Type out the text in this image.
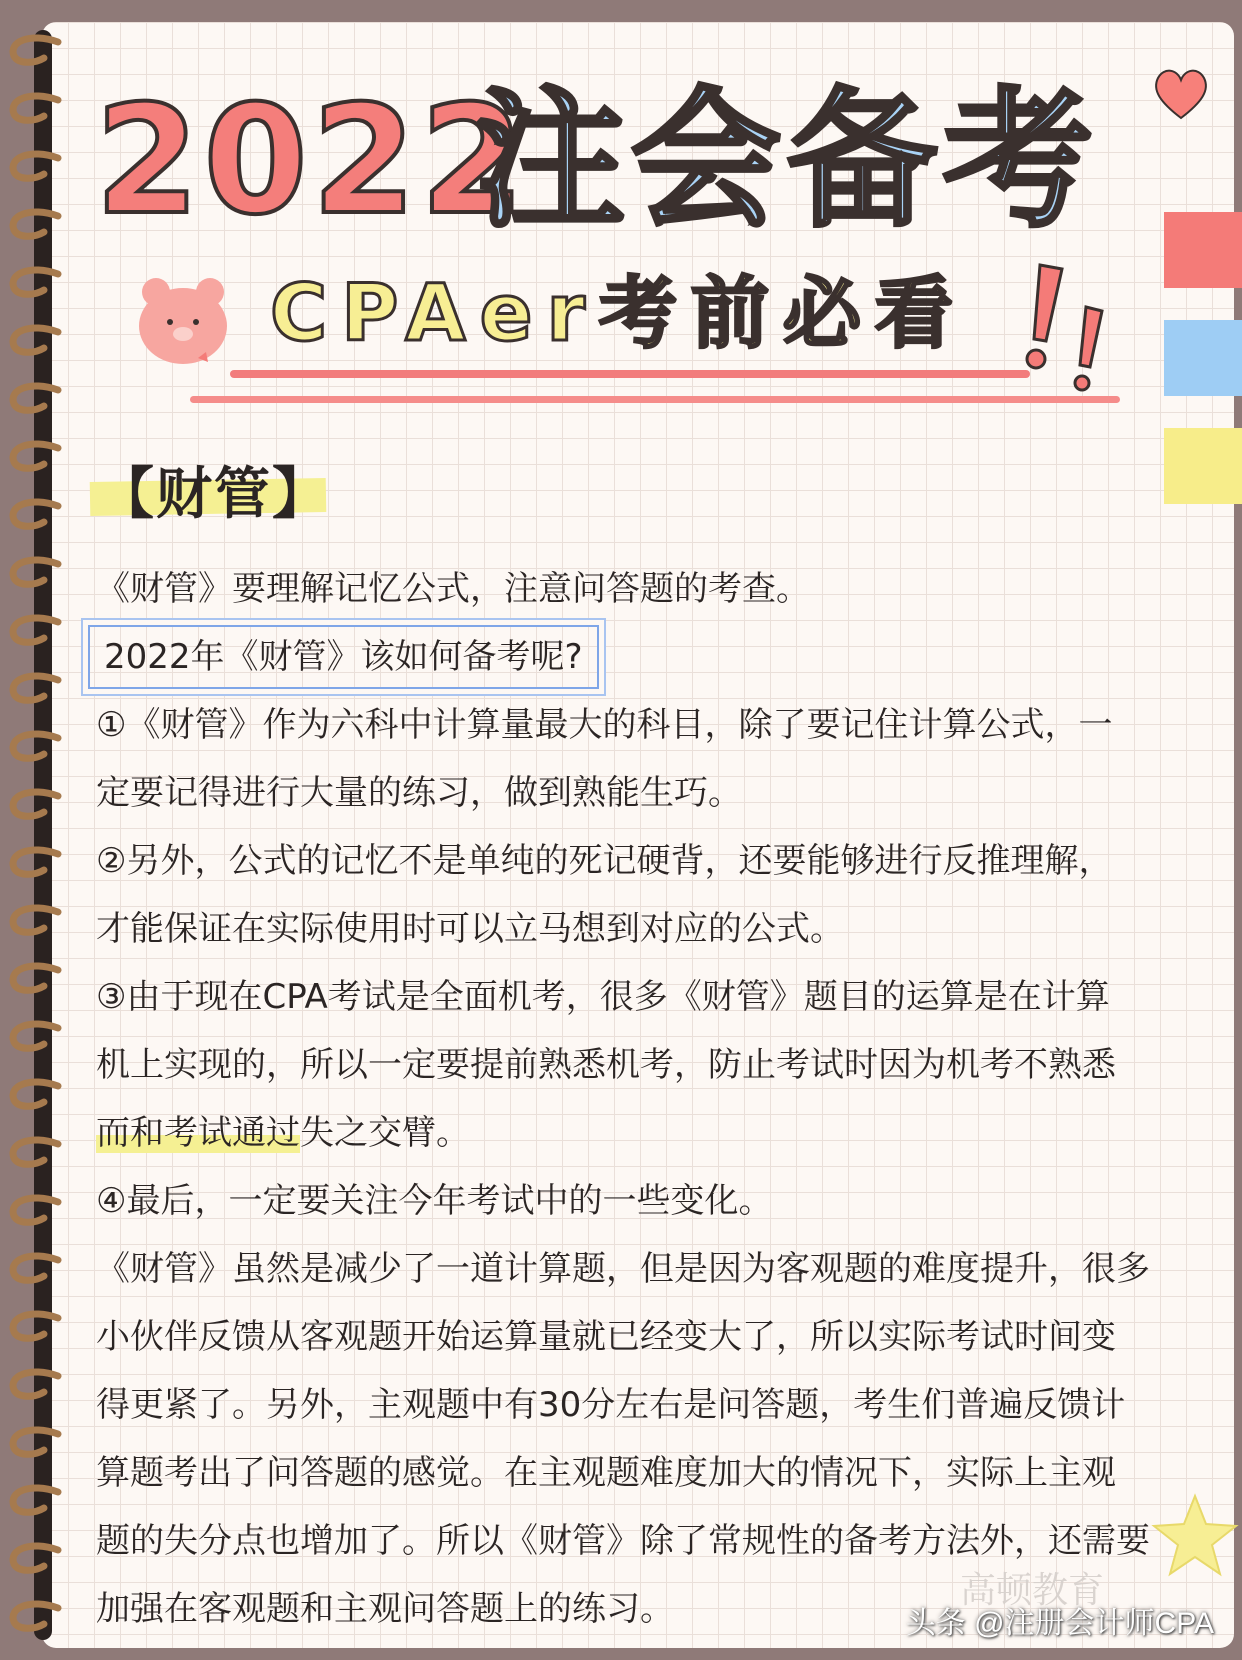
2022
注会备考
CPAer考前必看
【财管】
《财管》要理解记忆公式，注意问答题的考查。
2022年《财管》该如何备考呢?
①《财管》作为六科中计算量最大的科目，除了要记住计算公式，一
定要记得进行大量的练习，做到熟能生巧。
②另外，公式的记忆不是单纯的死记硬背，还要能够进行反推理解，
才能保证在实际使用时可以立马想到对应的公式。
③由于现在CPA考试是全面机考，很多《财管》题目的运算是在计算
机上实现的，所以一定要提前熟悉机考，防止考试时因为机考不熟悉
而和考试通过失之交臂。
④最后，一定要关注今年考试中的一些变化。
《财管》虽然是减少了一道计算题，但是因为客观题的难度提升，很多
小伙伴反馈从客观题开始运算量就已经变大了，所以实际考试时间变
得更紧了。另外，主观题中有30分左右是问答题，考生们普遍反馈计
算题考出了问答题的感觉。在主观题难度加大的情况下，实际上主观
题的失分点也增加了。所以《财管》除了常规性的备考方法外，还需要
加强在客观题和主观问答题上的练习。	高顿教育
头条 @注册会计师CPA
